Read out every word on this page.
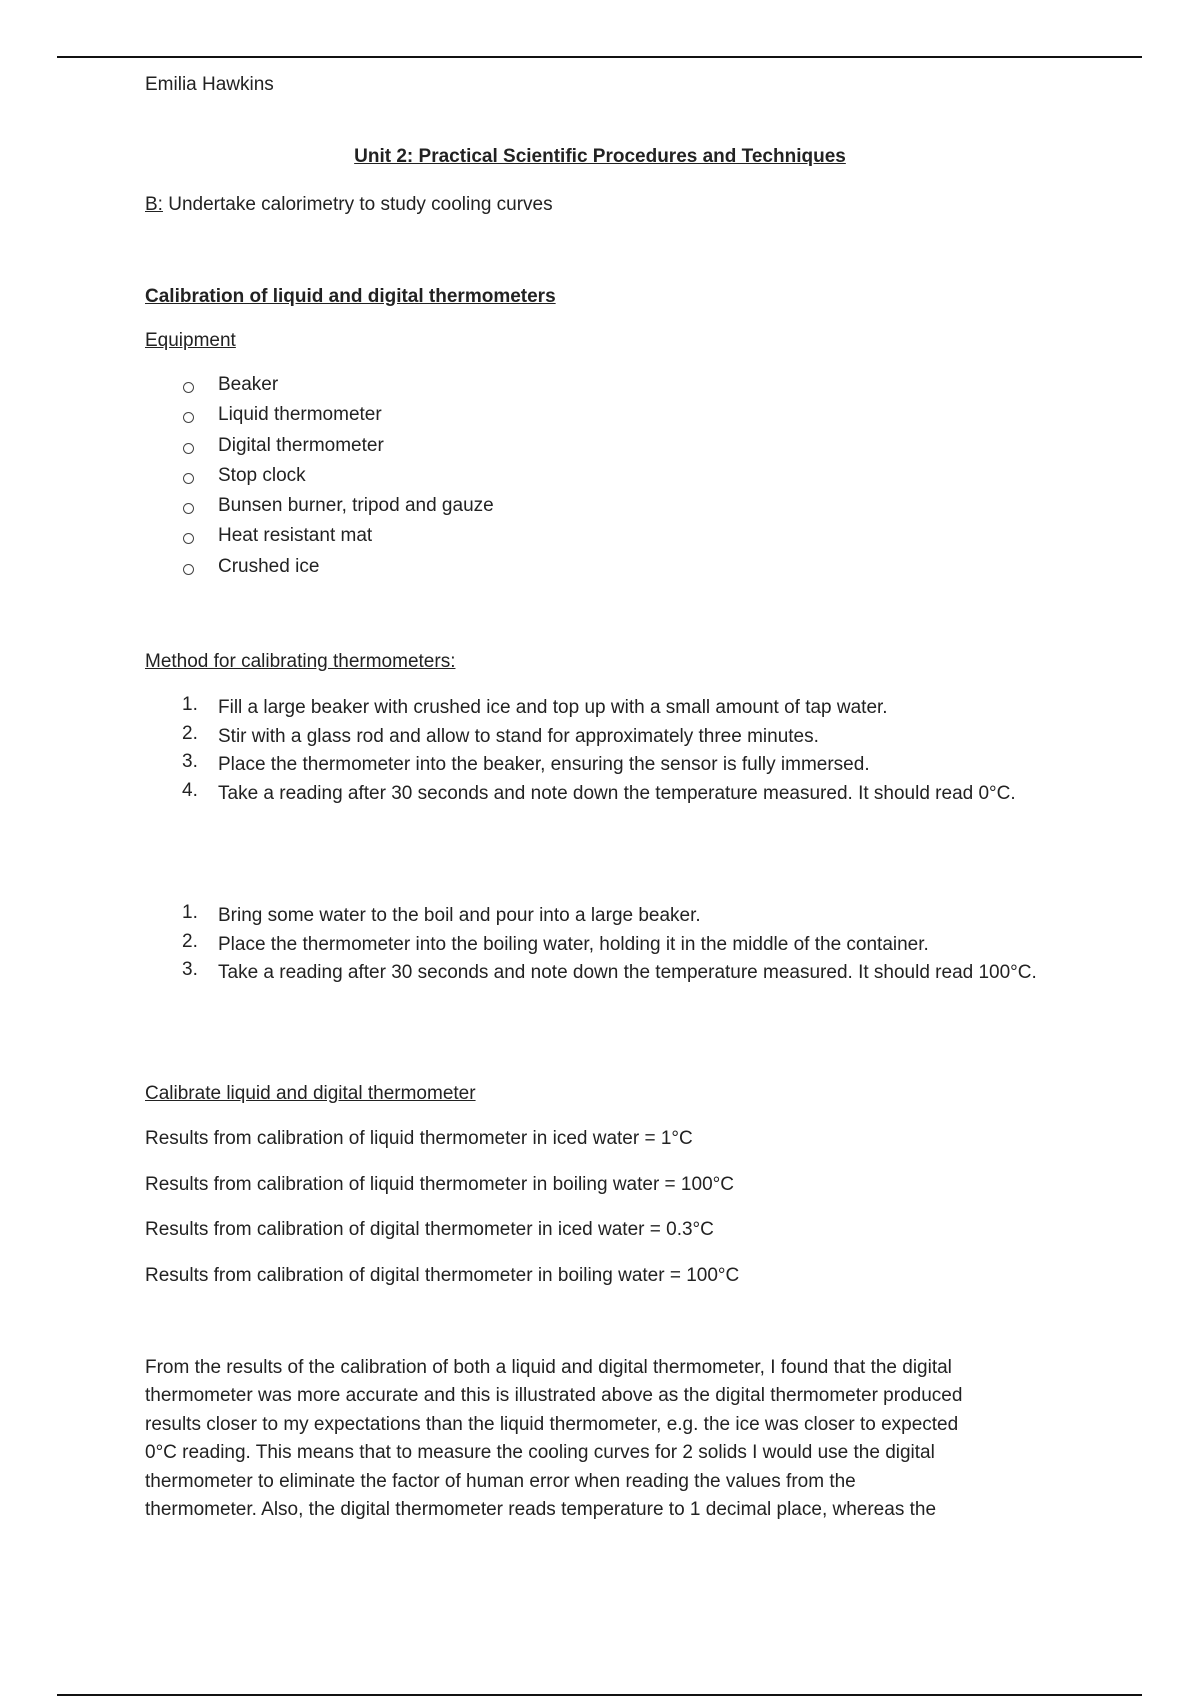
Emilia Hawkins
Unit 2: Practical Scientific Procedures and Techniques
B: Undertake calorimetry to study cooling curves
Calibration of liquid and digital thermometers
Equipment
Beaker
Liquid thermometer
Digital thermometer
Stop clock
Bunsen burner, tripod and gauze
Heat resistant mat
Crushed ice
Method for calibrating thermometers:
1. Fill a large beaker with crushed ice and top up with a small amount of tap water.
2. Stir with a glass rod and allow to stand for approximately three minutes.
3. Place the thermometer into the beaker, ensuring the sensor is fully immersed.
4. Take a reading after 30 seconds and note down the temperature measured. It should read 0°C.
1. Bring some water to the boil and pour into a large beaker.
2. Place the thermometer into the boiling water, holding it in the middle of the container.
3. Take a reading after 30 seconds and note down the temperature measured. It should read 100°C.
Calibrate liquid and digital thermometer
Results from calibration of liquid thermometer in iced water = 1°C
Results from calibration of liquid thermometer in boiling water = 100°C
Results from calibration of digital thermometer in iced water = 0.3°C
Results from calibration of digital thermometer in boiling water = 100°C
From the results of the calibration of both a liquid and digital thermometer, I found that the digital
thermometer was more accurate and this is illustrated above as the digital thermometer produced
results closer to my expectations than the liquid thermometer, e.g. the ice was closer to expected
0°C reading. This means that to measure the cooling curves for 2 solids I would use the digital
thermometer to eliminate the factor of human error when reading the values from the
thermometer. Also, the digital thermometer reads temperature to 1 decimal place, whereas the
